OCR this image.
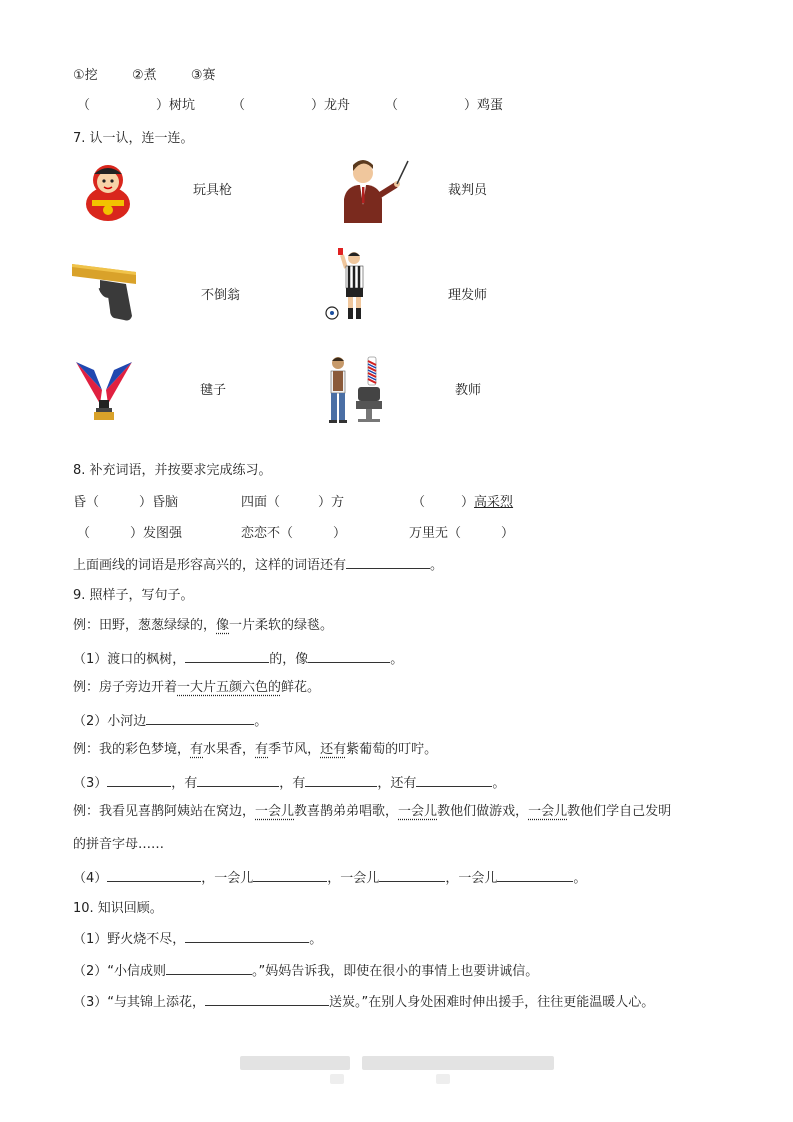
①挖	②煮	③赛
（	）树坑	（	）龙舟	（	）鸡蛋
7. 认一认，连一连。
玩具枪	裁判员
不倒翁	理发师
毽子	教师
8. 补充词语，并按要求完成练习。
昏（	）昏脑	四面（	）方	（	）高采烈
（	）发图强	恋恋不（	）	万里无（	）
上面画线的词语是形容高兴的，这样的词语还有	。
9. 照样子，写句子。
例：田野，葱葱绿绿的，像一片柔软的绿毯。
（1）渡口的枫树，	的，像	。
例：房子旁边开着一大片五颜六色的鲜花。
（2）小河边	。
例：我的彩色梦境，有水果香，有季节风，还有紫葡萄的叮咛。
（3）	，有	，有	，还有	。
例：我看见喜鹊阿姨站在窝边，一会儿教喜鹊弟弟唱歌，一会儿教他们做游戏，一会儿教他们学自己发明
的拼音字母……
（4）	，一会儿	，一会儿	，一会儿	。
10. 知识回顾。
（1）野火烧不尽，	。
（2）“小信成则	。”妈妈告诉我，即使在很小的事情上也要讲诚信。
（3）“与其锦上添花，	送炭。”在别人身处困难时伸出援手，往往更能温暖人心。
